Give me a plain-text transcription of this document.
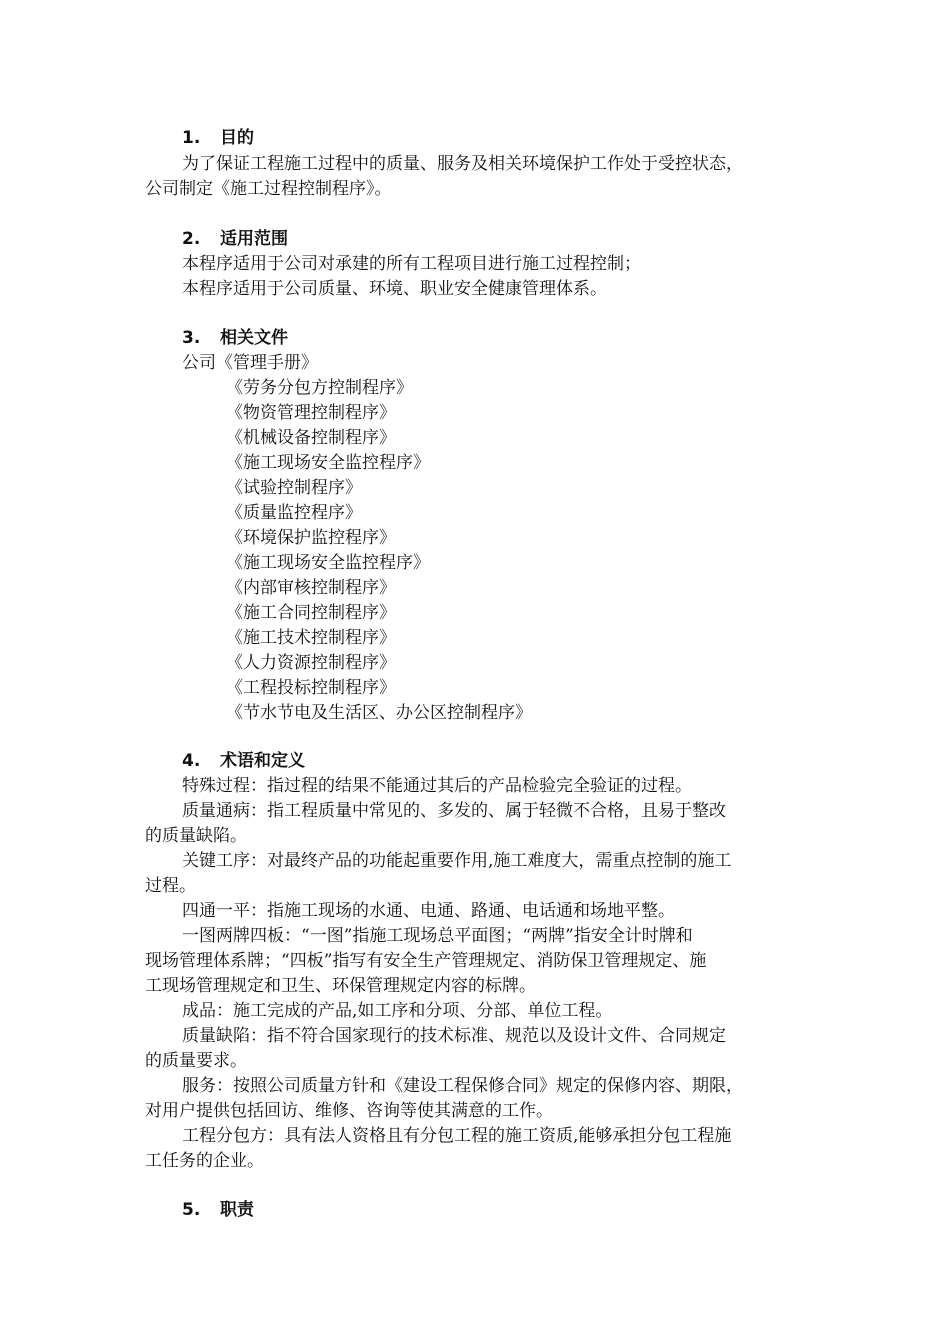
1. 目的
为了保证工程施工过程中的质量、服务及相关环境保护工作处于受控状态，
公司制定《施工过程控制程序》。
2. 适用范围
本程序适用于公司对承建的所有工程项目进行施工过程控制；
本程序适用于公司质量、环境、职业安全健康管理体系。
3. 相关文件
公司《管理手册》
《劳务分包方控制程序》
《物资管理控制程序》
《机械设备控制程序》
《施工现场安全监控程序》
《试验控制程序》
《质量监控程序》
《环境保护监控程序》
《施工现场安全监控程序》
《内部审核控制程序》
《施工合同控制程序》
《施工技术控制程序》
《人力资源控制程序》
《工程投标控制程序》
《节水节电及生活区、办公区控制程序》
4. 术语和定义
特殊过程：指过程的结果不能通过其后的产品检验完全验证的过程。
质量通病：指工程质量中常见的、多发的、属于轻微不合格，且易于整改
的质量缺陷。
关键工序：对最终产品的功能起重要作用,施工难度大，需重点控制的施工
过程。
四通一平：指施工现场的水通、电通、路通、电话通和场地平整。
一图两牌四板：“一图”指施工现场总平面图；“两牌”指安全计时牌和
现场管理体系牌；“四板”指写有安全生产管理规定、消防保卫管理规定、施
工现场管理规定和卫生、环保管理规定内容的标牌。
成品：施工完成的产品,如工序和分项、分部、单位工程。
质量缺陷：指不符合国家现行的技术标准、规范以及设计文件、合同规定
的质量要求。
服务：按照公司质量方针和《建设工程保修合同》规定的保修内容、期限，
对用户提供包括回访、维修、咨询等使其满意的工作。
工程分包方：具有法人资格且有分包工程的施工资质,能够承担分包工程施
工任务的企业。
5. 职责
